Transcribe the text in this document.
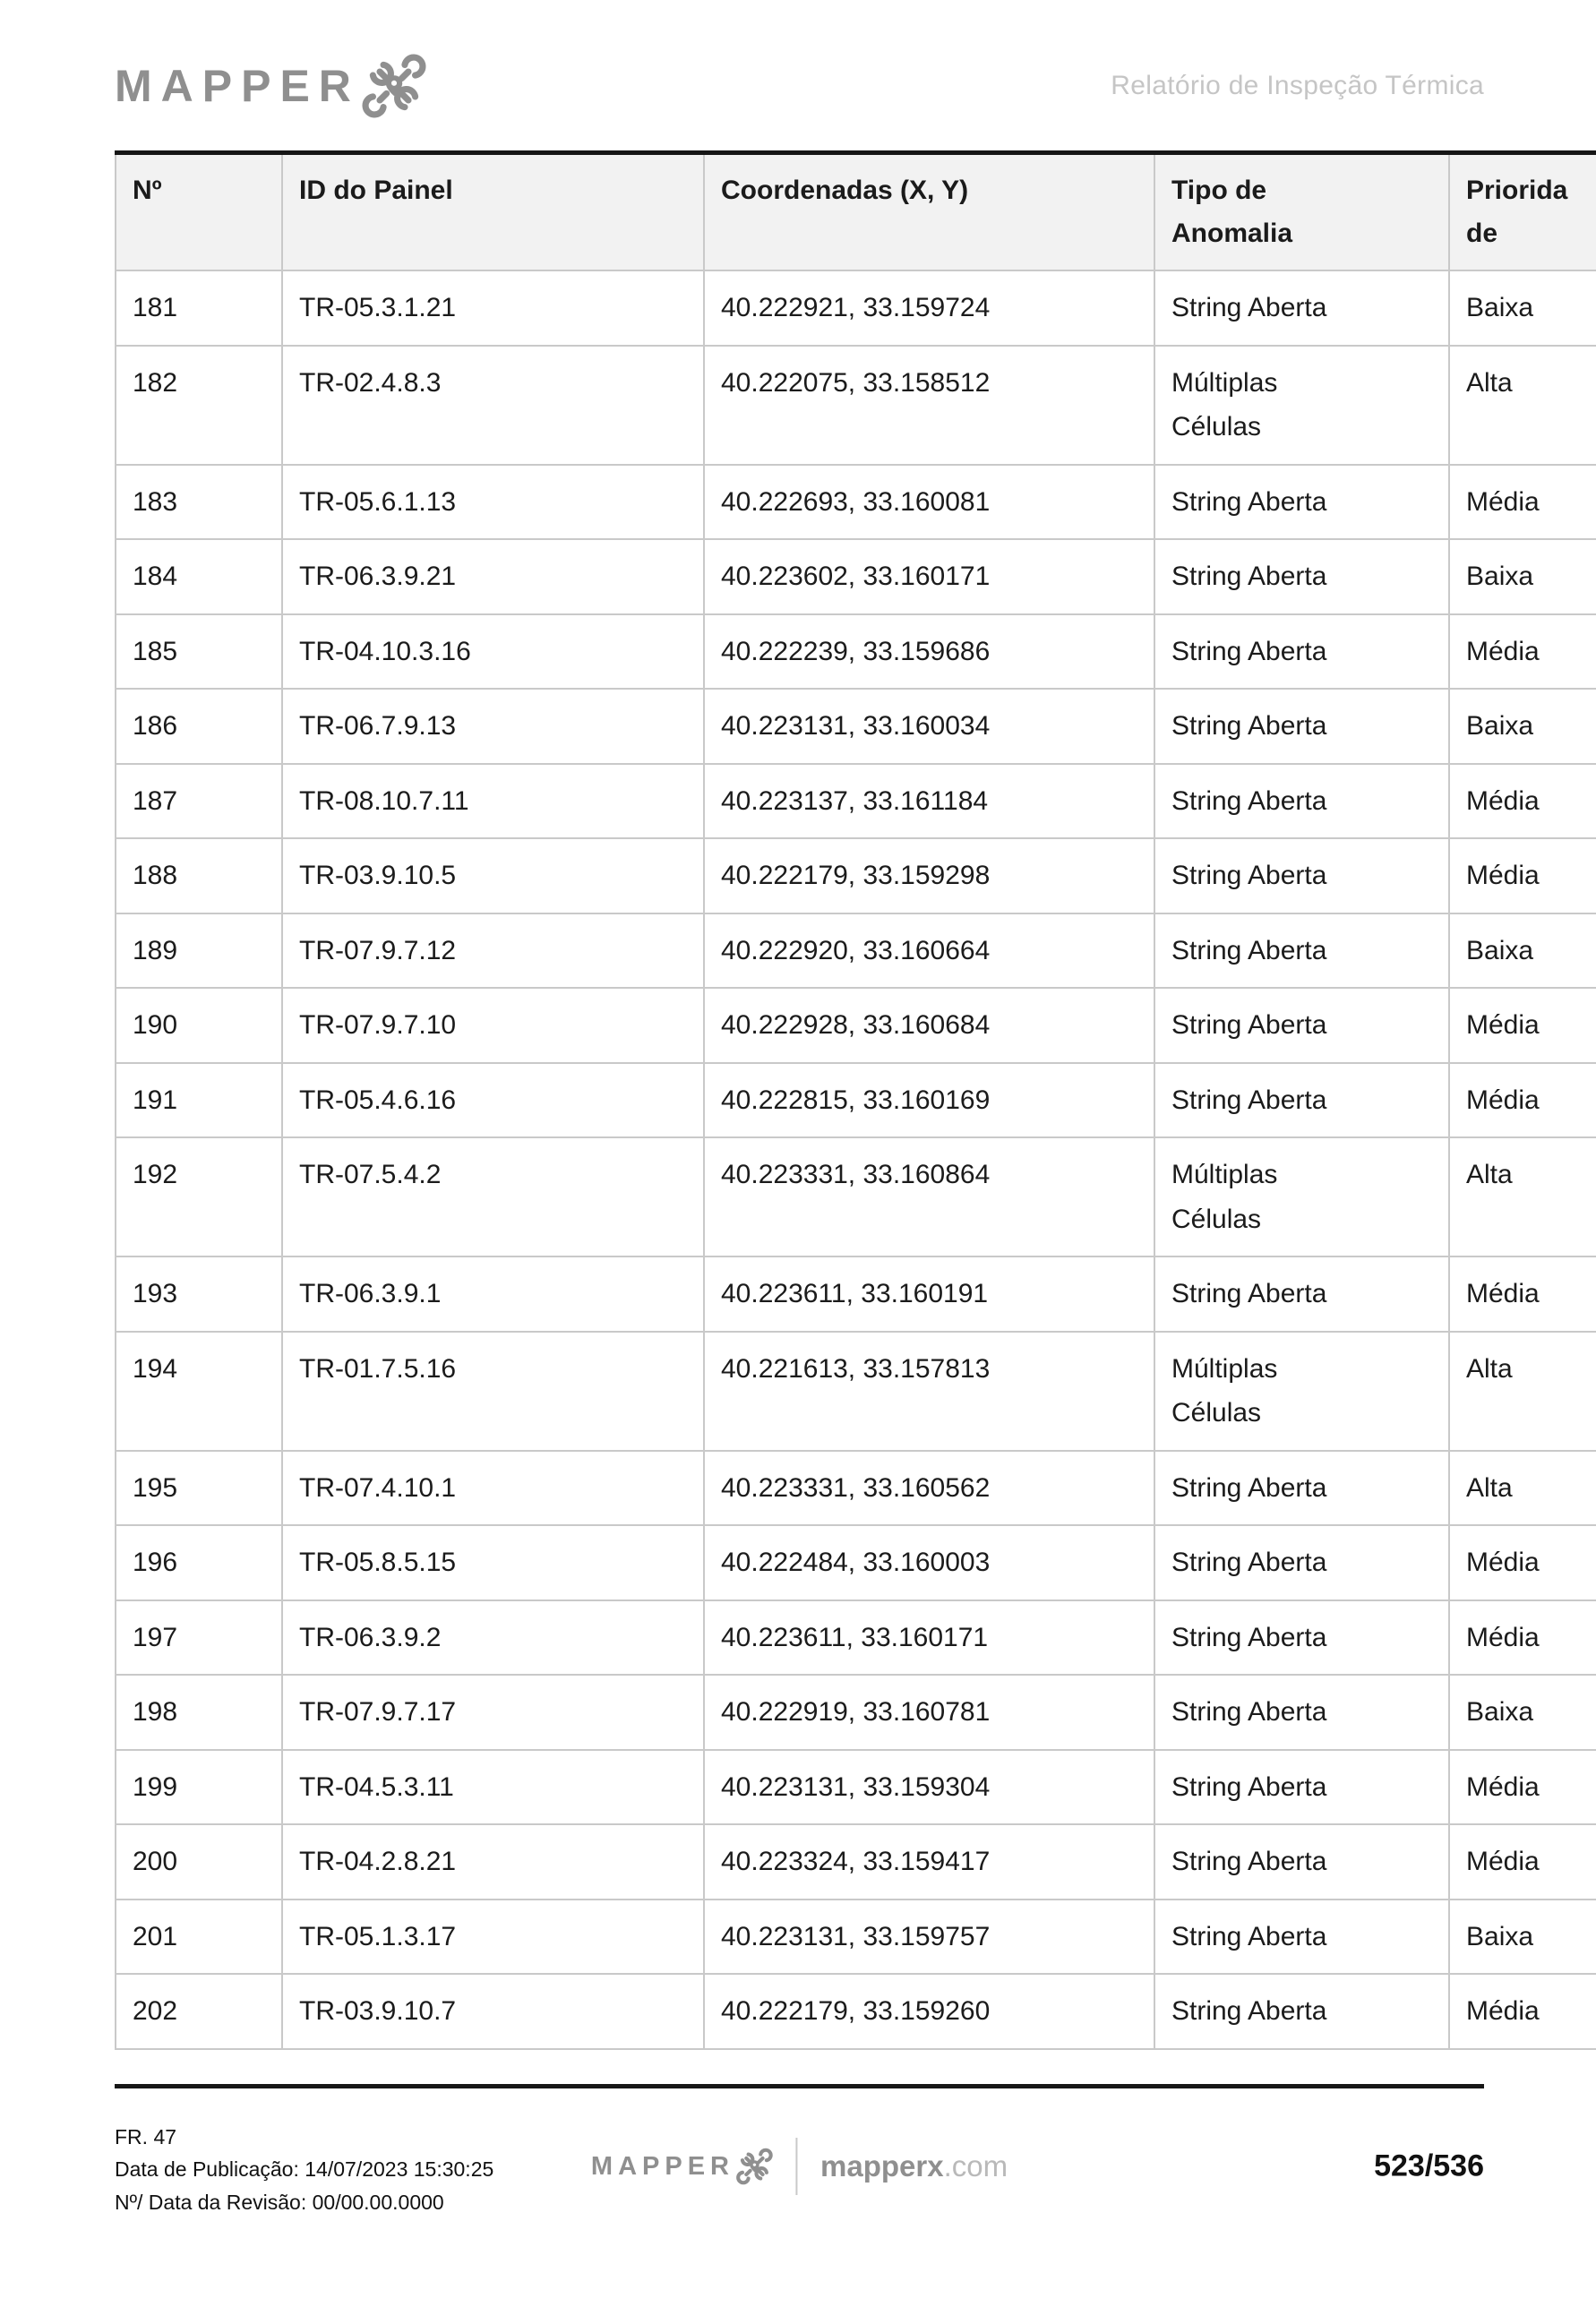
MAPPER	Relatório de Inspeção Térmica
Nº	ID do Painel	Coordenadas (X, Y)	Tipo de Anomalia	Prioridade

181	TR-05.3.1.21	40.222921, 33.159724	String Aberta	Baixa

182	TR-02.4.8.3	40.222075, 33.158512	Múltiplas Células	Alta

183	TR-05.6.1.13	40.222693, 33.160081	String Aberta	Média

184	TR-06.3.9.21	40.223602, 33.160171	String Aberta	Baixa

185	TR-04.10.3.16	40.222239, 33.159686	String Aberta	Média

186	TR-06.7.9.13	40.223131, 33.160034	String Aberta	Baixa

187	TR-08.10.7.11	40.223137, 33.161184	String Aberta	Média

188	TR-03.9.10.5	40.222179, 33.159298	String Aberta	Média

189	TR-07.9.7.12	40.222920, 33.160664	String Aberta	Baixa

190	TR-07.9.7.10	40.222928, 33.160684	String Aberta	Média

191	TR-05.4.6.16	40.222815, 33.160169	String Aberta	Média

192	TR-07.5.4.2	40.223331, 33.160864	Múltiplas Células	Alta

193	TR-06.3.9.1	40.223611, 33.160191	String Aberta	Média

194	TR-01.7.5.16	40.221613, 33.157813	Múltiplas Células	Alta

195	TR-07.4.10.1	40.223331, 33.160562	String Aberta	Alta

196	TR-05.8.5.15	40.222484, 33.160003	String Aberta	Média

197	TR-06.3.9.2	40.223611, 33.160171	String Aberta	Média

198	TR-07.9.7.17	40.222919, 33.160781	String Aberta	Baixa

199	TR-04.5.3.11	40.223131, 33.159304	String Aberta	Média

200	TR-04.2.8.21	40.223324, 33.159417	String Aberta	Média

201	TR-05.1.3.17	40.223131, 33.159757	String Aberta	Baixa

202	TR-03.9.10.7	40.222179, 33.159260	String Aberta	Média
FR. 47
Data de Publicação: 14/07/2023 15:30:25
Nº/ Data da Revisão: 00/00.00.0000
MAPPER	mapperx.com	523/536
